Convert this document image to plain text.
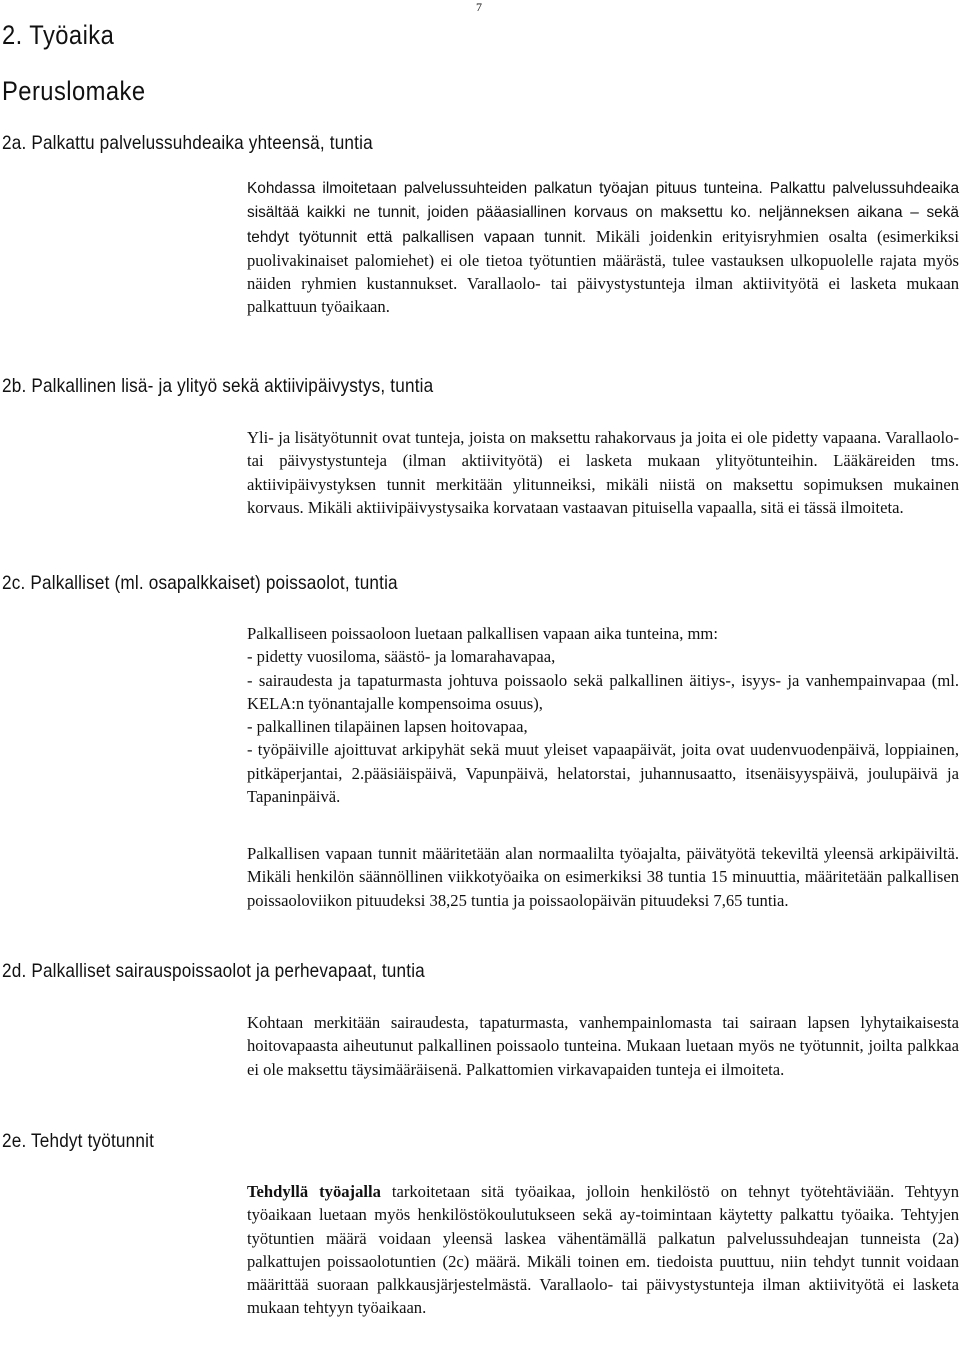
7
2. Työaika
Peruslomake
2a. Palkattu palvelussuhdeaika yhteensä, tuntia

Kohdassa ilmoitetaan palvelussuhteiden palkatun työajan pituus tunteina. Palkattu palvelussuhdeaika sisältää kaikki ne tunnit, joiden pääasiallinen korvaus on maksettu ko. neljänneksen aikana – sekä tehdyt työtunnit että palkallisen vapaan tunnit. Mikäli joidenkin erityisryhmien osalta (esimerkiksi puolivakinaiset palomiehet) ei ole tietoa työtuntien määrästä, tulee vastauksen ulkopuolelle rajata myös näiden ryhmien kustannukset. Varallaolo- tai päivystystunteja ilman aktiivityötä ei lasketa mukaan palkattuun työaikaan.

2b. Palkallinen lisä- ja ylityö sekä aktiivipäivystys, tuntia

Yli- ja lisätyötunnit ovat tunteja, joista on maksettu rahakorvaus ja joita ei ole pidetty vapaana. Varallaolo- tai päivystystunteja (ilman aktiivityötä) ei lasketa mukaan ylityötunteihin. Lääkäreiden tms. aktiivipäivystyksen tunnit merkitään ylitunneiksi, mikäli niistä on maksettu sopimuksen mukainen korvaus. Mikäli aktiivipäivystysaika korvataan vastaavan pituisella vapaalla, sitä ei tässä ilmoiteta.

2c. Palkalliset (ml. osapalkkaiset) poissaolot, tuntia

Palkalliseen poissaoloon luetaan palkallisen vapaan aika tunteina, mm:

- pidetty vuosiloma, säästö- ja lomarahavapaa,

- sairaudesta ja tapaturmasta johtuva poissaolo sekä palkallinen äitiys-, isyys- ja vanhempainvapaa (ml. KELA:n työnantajalle kompensoima osuus),

- palkallinen tilapäinen lapsen hoitovapaa,

- työpäiville ajoittuvat arkipyhät sekä muut yleiset vapaapäivät, joita ovat uudenvuodenpäivä, loppiainen, pitkäperjantai, 2.pääsiäispäivä, Vapunpäivä, helatorstai, juhannusaatto, itsenäisyyspäivä, joulupäivä ja Tapaninpäivä.

Palkallisen vapaan tunnit määritetään alan normaalilta työajalta, päivätyötä tekeviltä yleensä arkipäiviltä. Mikäli henkilön säännöllinen viikkotyöaika on esimerkiksi 38 tuntia 15 minuuttia, määritetään palkallisen poissaoloviikon pituudeksi 38,25 tuntia ja poissaolopäivän pituudeksi 7,65 tuntia.

2d. Palkalliset sairauspoissaolot ja perhevapaat, tuntia

Kohtaan merkitään sairaudesta, tapaturmasta, vanhempainlomasta tai sairaan lapsen lyhytaikaisesta hoitovapaasta aiheutunut palkallinen poissaolo tunteina. Mukaan luetaan myös ne työtunnit, joilta palkkaa ei ole maksettu täysimääräisenä. Palkattomien virkavapaiden tunteja ei ilmoiteta.

2e. Tehdyt työtunnit

Tehdyllä työajalla tarkoitetaan sitä työaikaa, jolloin henkilöstö on tehnyt työtehtäviään. Tehtyyn työaikaan luetaan myös henkilöstökoulutukseen sekä ay-toimintaan käytetty palkattu työaika. Tehtyjen työtuntien määrä voidaan yleensä laskea vähentämällä palkatun palvelussuhdeajan tunneista (2a) palkattujen poissaolotuntien (2c) määrä. Mikäli toinen em. tiedoista puuttuu, niin tehdyt tunnit voidaan määrittää suoraan palkkausjärjestelmästä. Varallaolo- tai päivystystunteja ilman aktiivityötä ei lasketa mukaan tehtyyn työaikaan.
